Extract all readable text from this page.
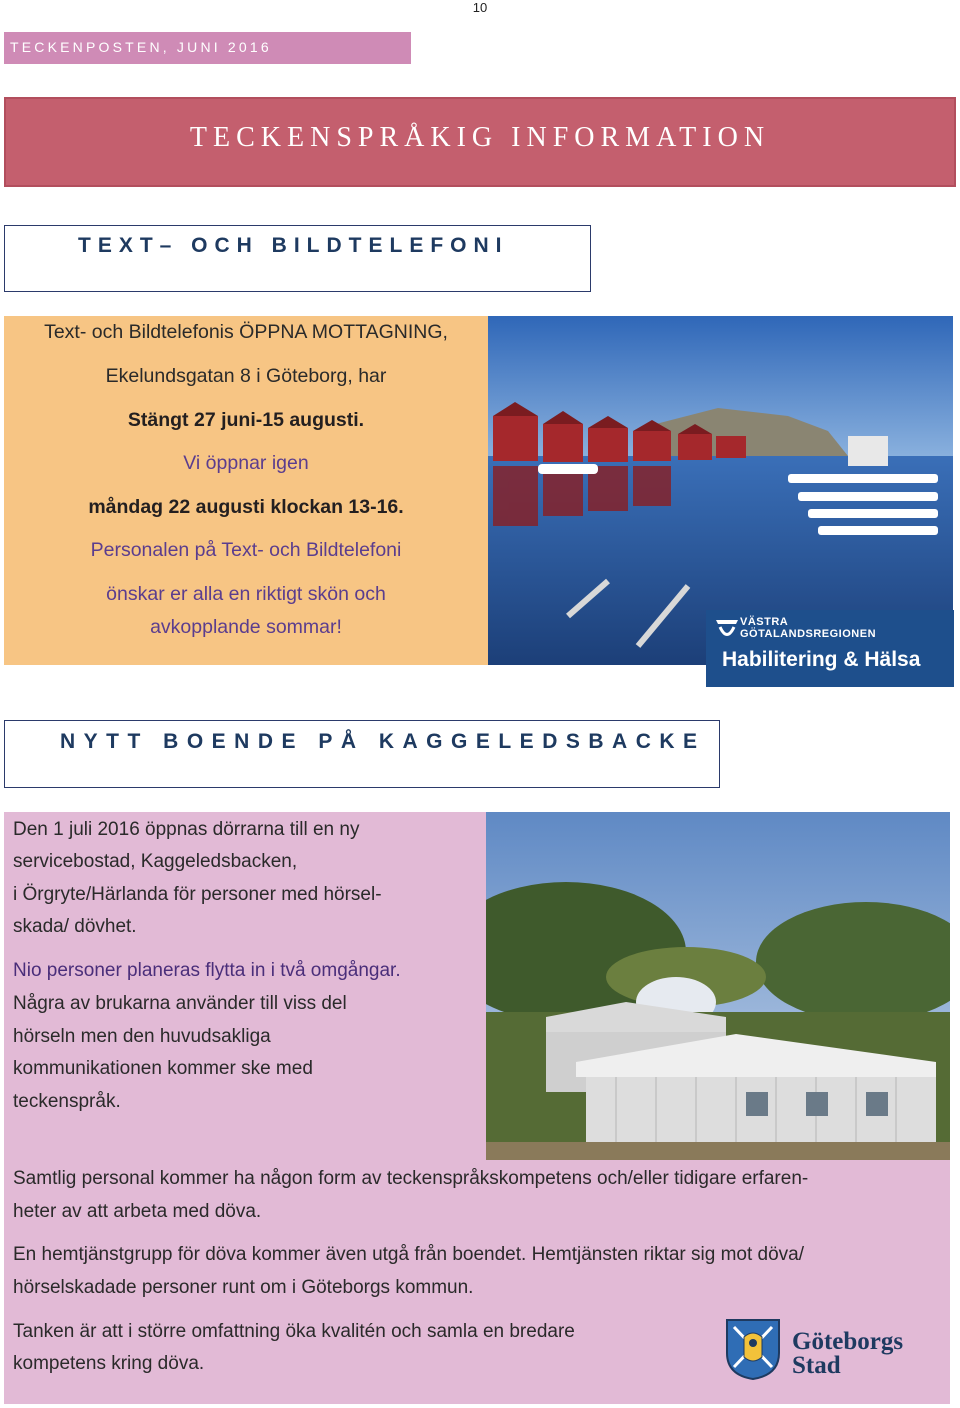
10
TECKENPOSTEN, JUNI 2016
TECKENSPRÅKIG INFORMATION
TEXT– OCH BILDTELEFONI
Text- och Bildtelefonis ÖPPNA MOTTAGNING,
Ekelundsgatan 8 i Göteborg, har
Stängt 27 juni-15 augusti.
Vi öppnar igen
måndag 22 augusti klockan 13-16.
Personalen på Text- och Bildtelefoni
önskar er alla en riktigt skön och
avkopplande sommar!	VÄSTRA
GÖTALANDSREGIONEN
Habilitering & Hälsa
NYTT BOENDE PÅ KAGGELEDSBACKE
Den 1 juli 2016 öppnas dörrarna till en ny
servicebostad, Kaggeledsbacken,
i Örgryte/Härlanda för personer med hörsel-
skada/ dövhet.
Nio personer planeras flytta in i två omgångar.
Några av brukarna använder till viss del
hörseln men den huvudsakliga
kommunikationen kommer ske med
teckenspråk.
Samtlig personal kommer ha någon form av teckenspråkskompetens och/eller tidigare erfaren-
heter av att arbeta med döva.
En hemtjänstgrupp för döva kommer även utgå från boendet. Hemtjänsten riktar sig mot döva/
hörselskadade personer runt om i Göteborgs kommun.
Tanken är att i större omfattning öka kvalitén och samla en bredare
kompetens kring döva.
Göteborgs
Stad
